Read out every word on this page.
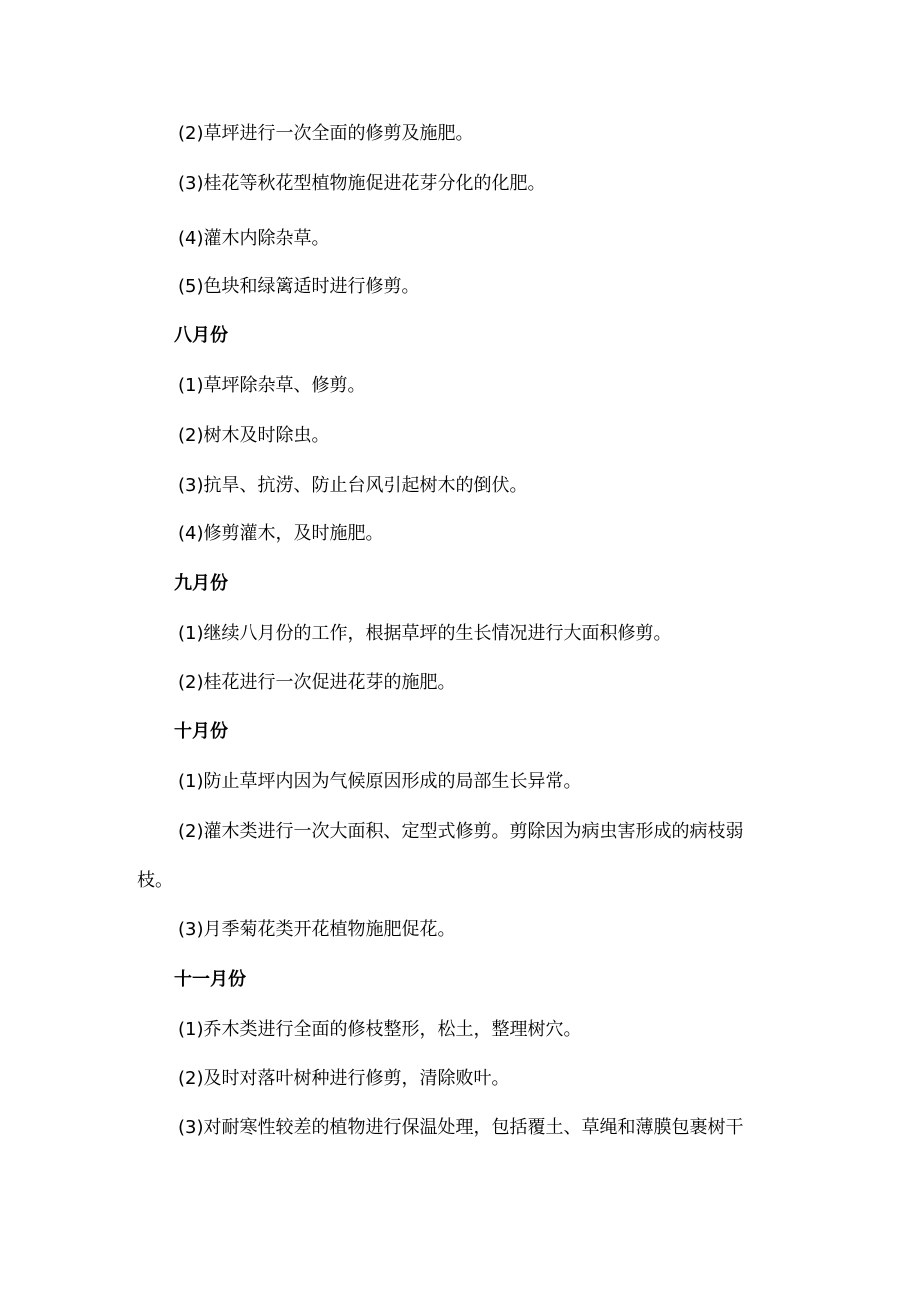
(2)草坪进行一次全面的修剪及施肥。
(3)桂花等秋花型植物施促进花芽分化的化肥。
(4)灌木内除杂草。
(5)色块和绿篱适时进行修剪。
八月份
(1)草坪除杂草、修剪。
(2)树木及时除虫。
(3)抗旱、抗涝、防止台风引起树木的倒伏。
(4)修剪灌木，及时施肥。
九月份
(1)继续八月份的工作，根据草坪的生长情况进行大面积修剪。
(2)桂花进行一次促进花芽的施肥。
十月份
(1)防止草坪内因为气候原因形成的局部生长异常。
(2)灌木类进行一次大面积、定型式修剪。剪除因为病虫害形成的病枝弱
枝。
(3)月季菊花类开花植物施肥促花。
十一月份
(1)乔木类进行全面的修枝整形，松土，整理树穴。
(2)及时对落叶树种进行修剪，清除败叶。
(3)对耐寒性较差的植物进行保温处理，包括覆土、草绳和薄膜包裹树干
